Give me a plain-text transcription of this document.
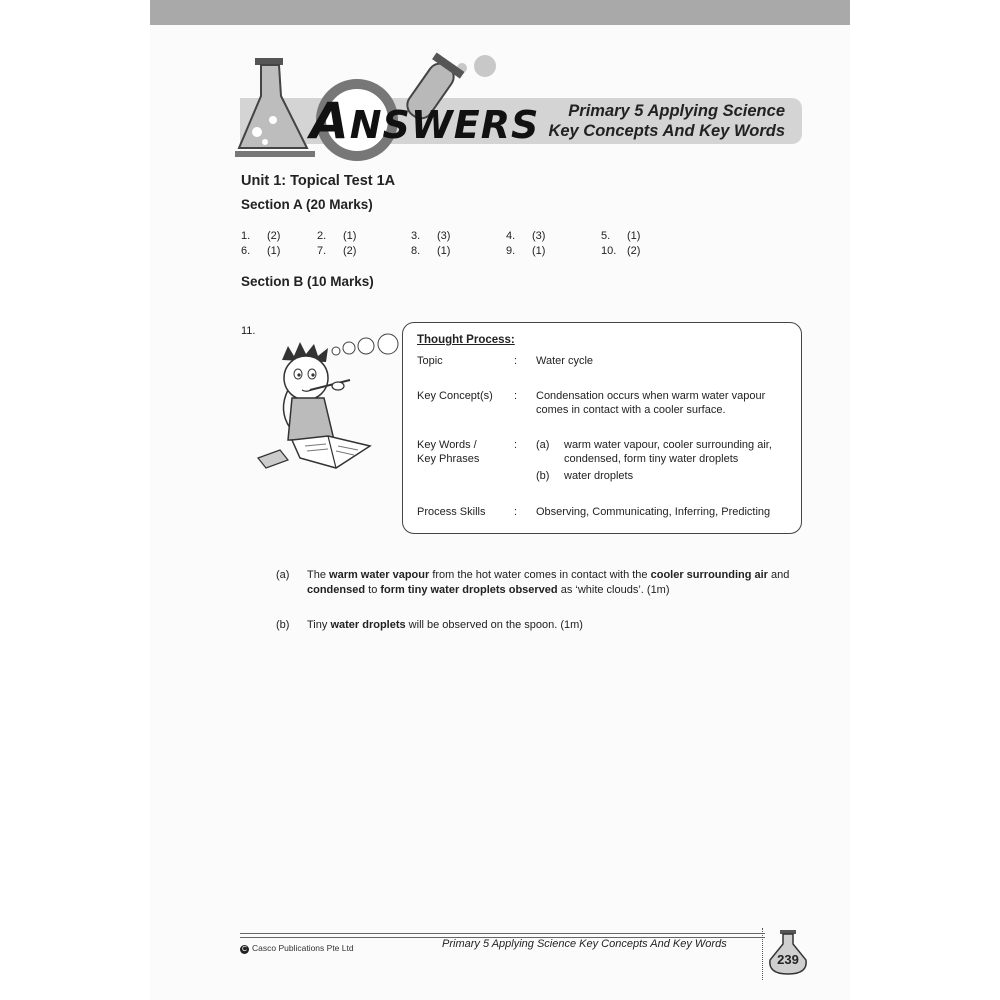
ANSWERS	Primary 5 Applying Science
Key Concepts And Key Words
Unit 1: Topical Test 1A
Section A (20 Marks)
1. (2)	2. (1)	3. (3)	4. (3)	5. (1)
6. (1)	7. (2)	8. (1)	9. (1)	10. (2)
Section B (10 Marks)
11.
Thought Process:
Topic	: Water cycle
Key Concept(s)	: Condensation occurs when warm water vapour comes in contact with a cooler surface.
Key Words /
Key Phrases
: (a) warm water vapour, cooler surrounding air, condensed, form tiny water droplets
(b) water droplets
Process Skills	: Observing, Communicating, Inferring, Predicting
(a) The warm water vapour from the hot water comes in contact with the cooler surrounding air and condensed to form tiny water droplets observed as ‘white clouds’. (1m)
(b) Tiny water droplets will be observed on the spoon. (1m)
C Casco Publications Pte Ltd	Primary 5 Applying Science Key Concepts And Key Words
239
